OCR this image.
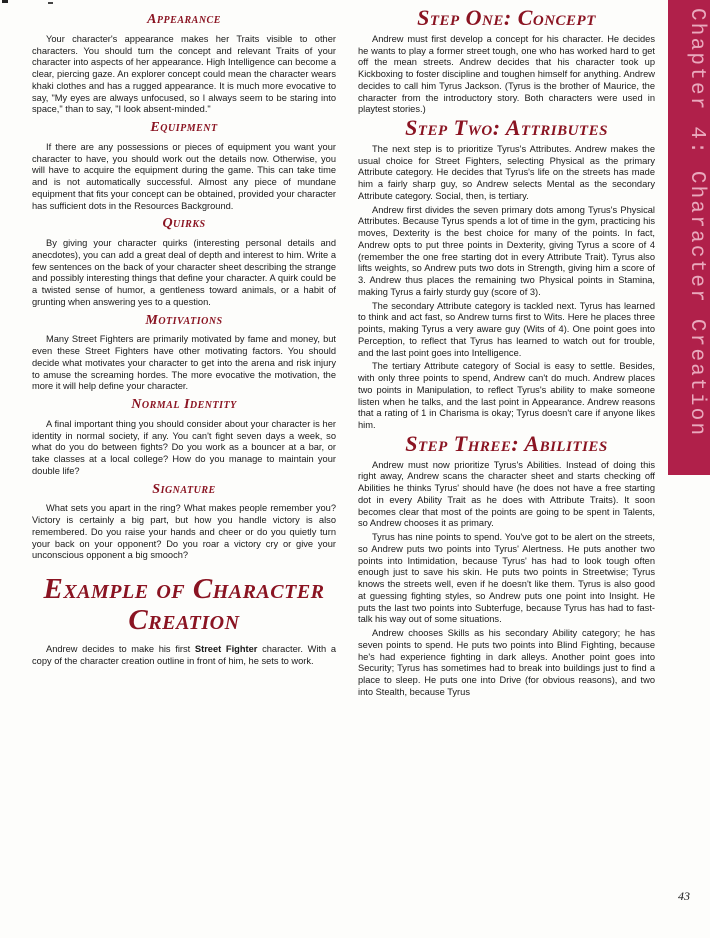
Appearance

Your character's appearance makes her Traits visible to other characters. You should turn the concept and relevant Traits of your character into aspects of her appearance. High Intelligence can become a clear, piercing gaze. An explorer concept could mean the character wears khaki clothes and has a rugged appearance. It is much more evocative to say, "My eyes are always unfocused, so I always seem to be staring into space," than to say, "I look absent-minded."

Equipment

If there are any possessions or pieces of equipment you want your character to have, you should work out the details now. Otherwise, you will have to acquire the equipment during the game. This can take time and is not automatically successful. Almost any piece of mundane equipment that fits your concept can be obtained, provided your character has sufficient dots in the Resources Background.

Quirks

By giving your character quirks (interesting personal details and anecdotes), you can add a great deal of depth and interest to him. Write a few sentences on the back of your character sheet describing the strange and possibly interesting things that define your character. A quirk could be a twisted sense of humor, a gentleness toward animals, or a habit of grunting when answering yes to a question.

Motivations

Many Street Fighters are primarily motivated by fame and money, but even these Street Fighters have other motivating factors. You should decide what motivates your character to get into the arena and risk injury to amuse the screaming hordes. The more evocative the motivation, the more it will help define your character.

Normal Identity

A final important thing you should consider about your character is her identity in normal society, if any. You can't fight seven days a week, so what do you do between fights? Do you work as a bouncer at a bar, or take classes at a local college? How do you manage to maintain your double life?

Signature

What sets you apart in the ring? What makes people remember you? Victory is certainly a big part, but how you handle victory is also remembered. Do you raise your hands and cheer or do you quietly turn your back on your opponent? Do you roar a victory cry or give your unconscious opponent a big smooch?

Example of Character Creation

Andrew decides to make his first Street Fighter character. With a copy of the character creation outline in front of him, he sets to work.

Step One: Concept

Andrew must first develop a concept for his character. He decides he wants to play a former street tough, one who has worked hard to get off the mean streets. Andrew decides that his character took up Kickboxing to foster discipline and toughen himself for anything. Andrew decides to call him Tyrus Jackson. (Tyrus is the brother of Maurice, the character from the introductory story. Both characters were used in playtest stories.)

Step Two: Attributes

The next step is to prioritize Tyrus's Attributes. Andrew makes the usual choice for Street Fighters, selecting Physical as the primary Attribute category. He decides that Tyrus's life on the streets has made him a fairly sharp guy, so Andrew selects Mental as the secondary Attribute category. Social, then, is tertiary.

Andrew first divides the seven primary dots among Tyrus's Physical Attributes. Because Tyrus spends a lot of time in the gym, practicing his moves, Dexterity is the best choice for many of the points. In fact, Andrew opts to put three points in Dexterity, giving Tyrus a score of 4 (remember the one free starting dot in every Attribute Trait). Tyrus also lifts weights, so Andrew puts two dots in Strength, giving him a score of 3. Andrew thus places the remaining two Physical points in Stamina, making Tyrus a fairly sturdy guy (score of 3).

The secondary Attribute category is tackled next. Tyrus has learned to think and act fast, so Andrew turns first to Wits. Here he places three points, making Tyrus a very aware guy (Wits of 4). One point goes into Perception, to reflect that Tyrus has learned to watch out for trouble, and the last point goes into Intelligence.

The tertiary Attribute category of Social is easy to settle. Besides, with only three points to spend, Andrew can't do much. Andrew places two points in Manipulation, to reflect Tyrus's ability to make someone listen when he talks, and the last point in Appearance. Andrew reasons that a rating of 1 in Charisma is okay; Tyrus doesn't care if anyone likes him.

Step Three: Abilities

Andrew must now prioritize Tyrus's Abilities. Instead of doing this right away, Andrew scans the character sheet and starts checking off Abilities he thinks Tyrus' should have (he does not have a free starting dot in every Ability Trait as he does with Attribute Traits). It soon becomes clear that most of the points are going to be spent in Talents, so Andrew chooses it as primary.

Tyrus has nine points to spend. You've got to be alert on the streets, so Andrew puts two points into Tyrus' Alertness. He puts another two points into Intimidation, because Tyrus' has had to look tough often enough just to save his skin. He puts two points in Streetwise; Tyrus knows the streets well, even if he doesn't like them. Tyrus is also good at guessing fighting styles, so Andrew puts one point into Insight. He puts the last two points into Subterfuge, because Tyrus has had to fast-talk his way out of some situations.

Andrew chooses Skills as his secondary Ability category; he has seven points to spend. He puts two points into Blind Fighting, because he's had experience fighting in dark alleys. Another point goes into Security; Tyrus has sometimes had to break into buildings just to find a place to sleep. He puts one into Drive (for obvious reasons), and two into Stealth, because Tyrus

Chapter 4: Character Creation
43
